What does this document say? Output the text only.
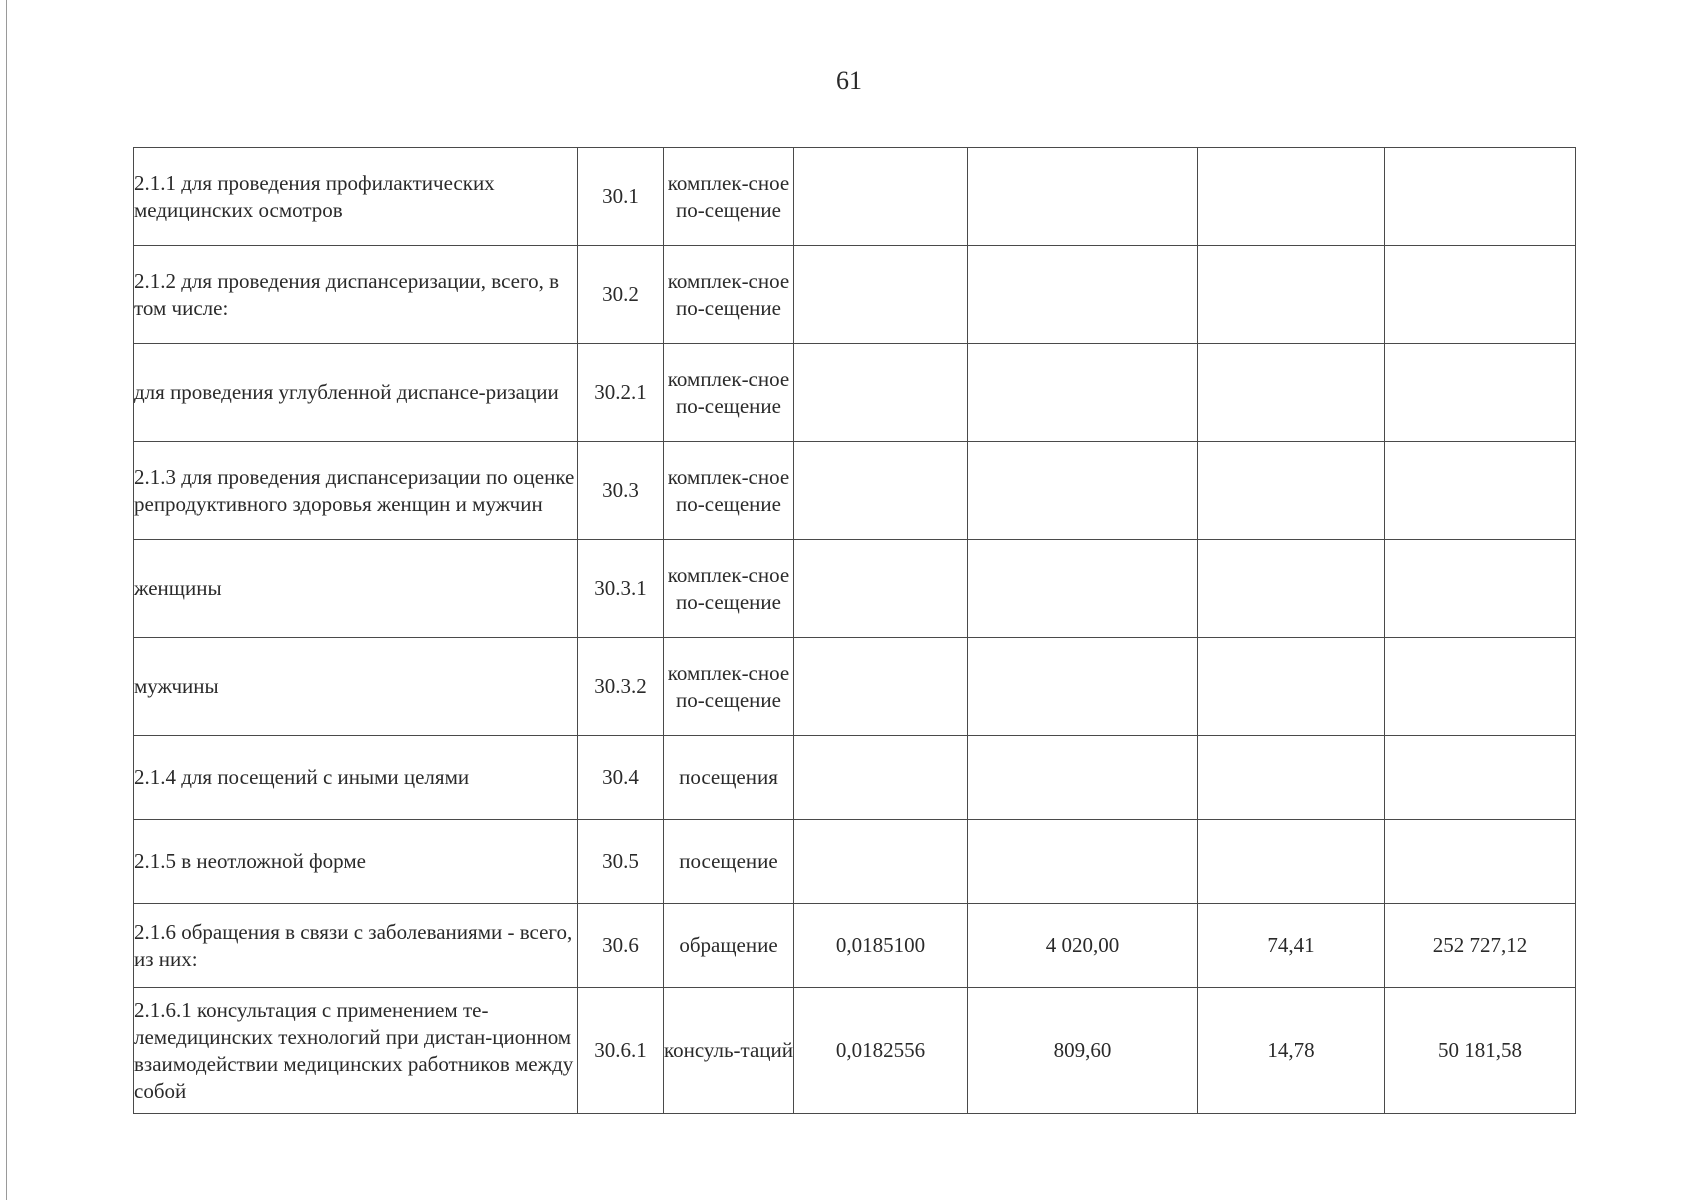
61
2.1.1 для проведения профилактических медицинских осмотров	30.1	комплек-сное по-сещение				
2.1.2 для проведения диспансеризации, всего, в том числе:	30.2	комплек-сное по-сещение				
для проведения углубленной диспансе-ризации	30.2.1	комплек-сное по-сещение				
2.1.3 для проведения диспансеризации по оценке репродуктивного здоровья женщин и мужчин	30.3	комплек-сное по-сещение				
женщины	30.3.1	комплек-сное по-сещение				
мужчины	30.3.2	комплек-сное по-сещение				
2.1.4 для посещений с иными целями	30.4	посещения				
2.1.5 в неотложной форме	30.5	посещение				
2.1.6 обращения в связи с заболеваниями - всего, из них:	30.6	обращение	0,0185100	4 020,00	74,41	252 727,12
2.1.6.1 консультация с применением те-лемедицинских технологий при дистан-ционном взаимодействии медицинских работников между собой	30.6.1	консуль-таций	0,0182556	809,60	14,78	50 181,58
